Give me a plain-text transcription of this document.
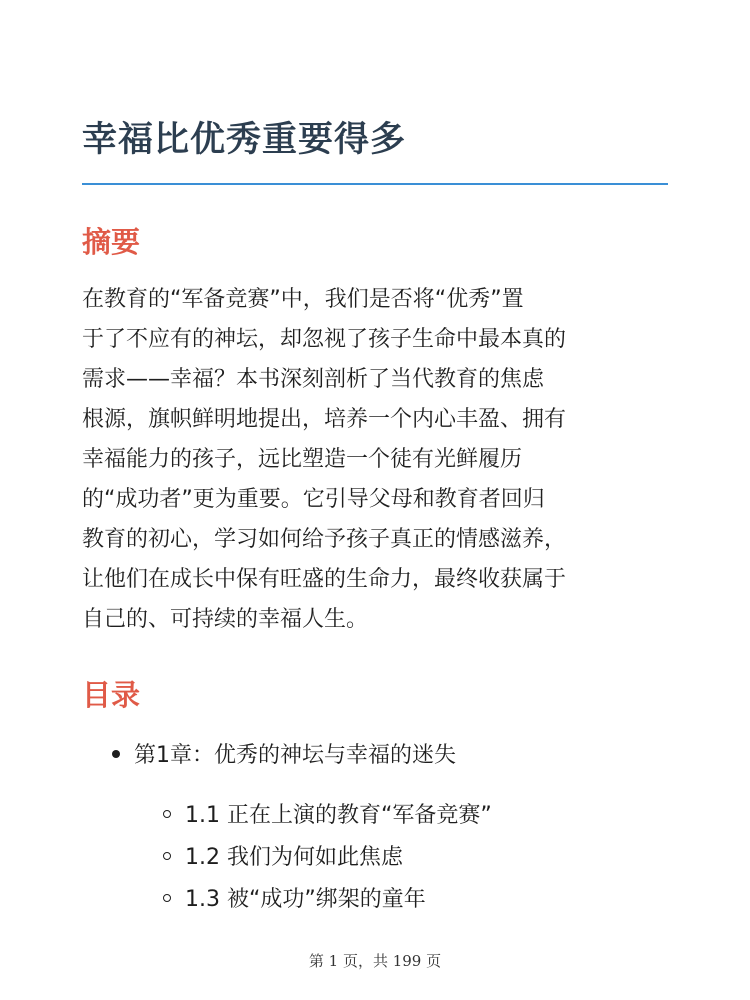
幸福比优秀重要得多
摘要
在教育的“军备竞赛”中，我们是否将“优秀”置
于了不应有的神坛，却忽视了孩子生命中最本真的
需求——幸福？本书深刻剖析了当代教育的焦虑
根源，旗帜鲜明地提出，培养一个内心丰盈、拥有
幸福能力的孩子，远比塑造一个徒有光鲜履历
的“成功者”更为重要。它引导父母和教育者回归
教育的初心，学习如何给予孩子真正的情感滋养，
让他们在成长中保有旺盛的生命力，最终收获属于
自己的、可持续的幸福人生。
目录
第1章：优秀的神坛与幸福的迷失
1.1 正在上演的教育“军备竞赛”
1.2 我们为何如此焦虑
1.3 被“成功”绑架的童年
第 1 页，共 199 页
